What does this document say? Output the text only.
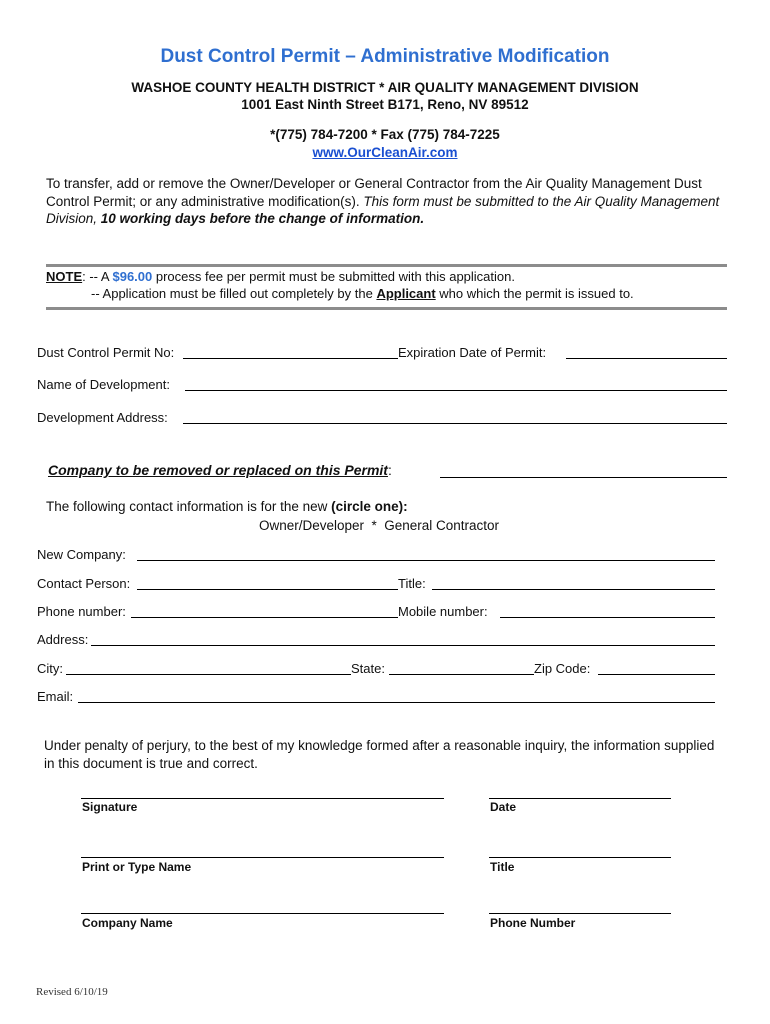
Dust Control Permit – Administrative Modification
WASHOE COUNTY HEALTH DISTRICT * AIR QUALITY MANAGEMENT DIVISION
1001 East Ninth Street B171, Reno, NV 89512
*(775) 784-7200 * Fax (775) 784-7225
www.OurCleanAir.com
To transfer, add or remove the Owner/Developer or General Contractor from the Air Quality Management Dust Control Permit; or any administrative modification(s). This form must be submitted to the Air Quality Management Division, 10 working days before the change of information.
NOTE: -- A $96.00 process fee per permit must be submitted with this application.
-- Application must be filled out completely by the Applicant who which the permit is issued to.
Dust Control Permit No:	Expiration Date of Permit:
Name of Development:
Development Address:
Company to be removed or replaced on this Permit:
The following contact information is for the new (circle one):
Owner/Developer  *  General Contractor
New Company:
Contact Person:	Title:
Phone number:	Mobile number:
Address:
City:	State:	Zip Code:
Email:
Under penalty of perjury, to the best of my knowledge formed after a reasonable inquiry, the information supplied in this document is true and correct.
Signature	Date
Print or Type Name	Title
Company Name	Phone Number
Revised 6/10/19
